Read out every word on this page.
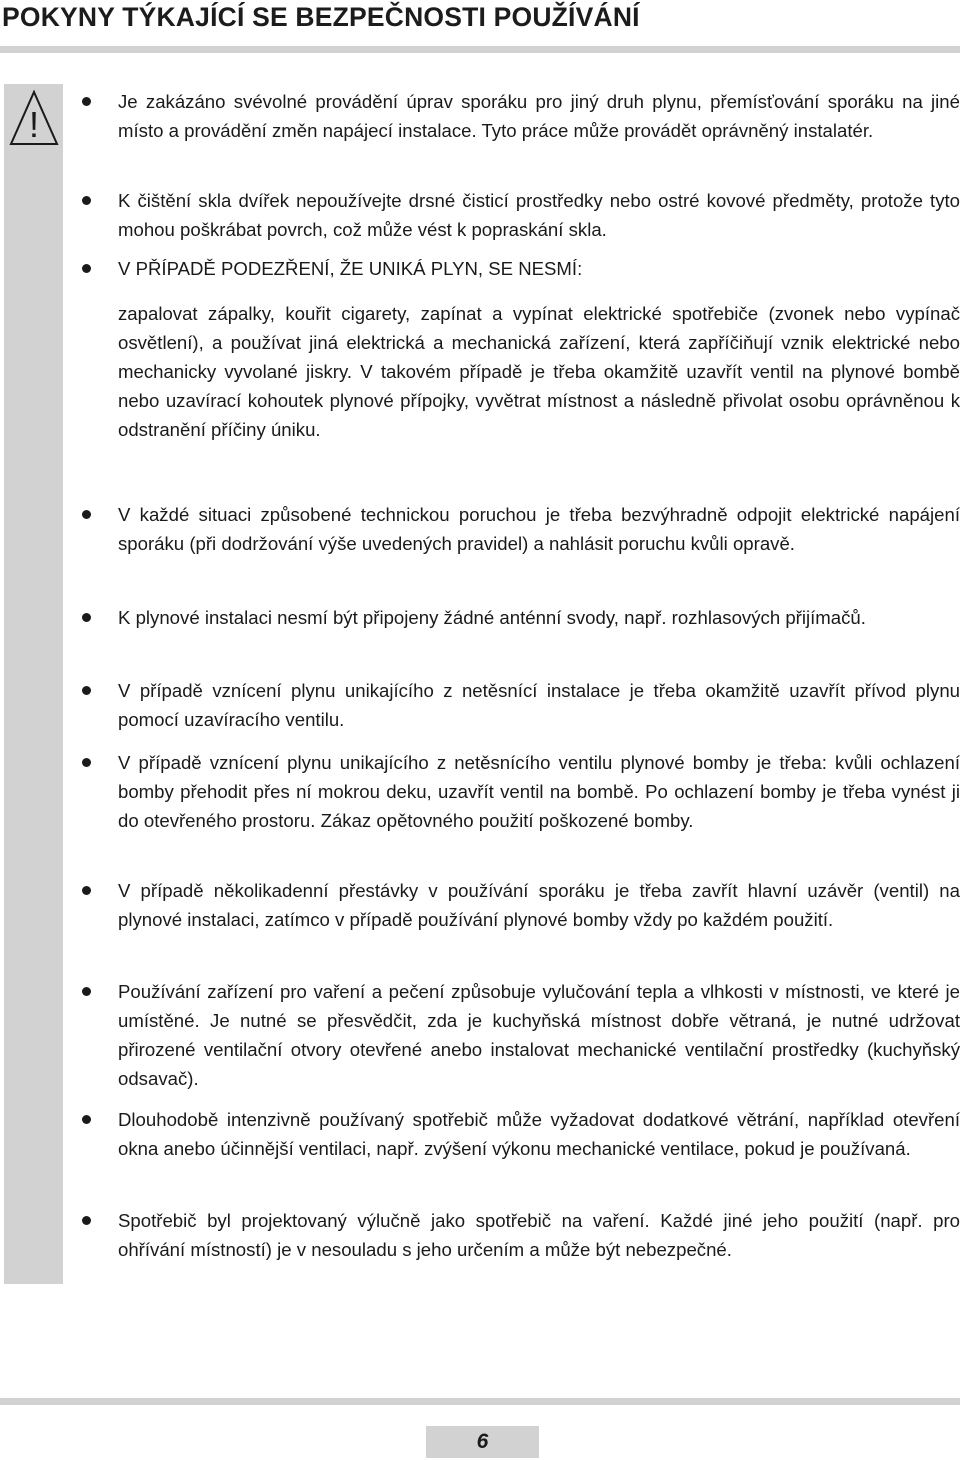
POKYNY TÝKAJÍCÍ SE BEZPEČNOSTI POUŽÍVÁNÍ
!

Je zakázáno svévolné provádění úprav sporáku pro jiný druh plynu, přemísťování sporáku na jiné místo a provádění změn napájecí instalace. Tyto práce může provádět oprávněný instalatér.

K čištění skla dvířek nepoužívejte drsné čisticí prostředky nebo ostré kovové předměty, protože tyto mohou poškrábat povrch, což může vést k popraskání skla.

V PŘÍPADĚ PODEZŘENÍ, ŽE UNIKÁ PLYN, SE NESMÍ:

zapalovat zápalky, kouřit cigarety, zapínat a vypínat elektrické spotřebiče (zvonek nebo vypínač osvětlení), a používat jiná elektrická a mechanická zařízení, která zapříčiňují vznik elektrické nebo mechanicky vyvolané jiskry. V takovém případě je třeba okamžitě uzavřít ventil na plynové bombě nebo uzavírací kohoutek plynové přípojky, vyvětrat místnost a následně přivolat osobu oprávněnou k odstranění příčiny úniku.

V každé situaci způsobené technickou poruchou je třeba bezvýhradně odpojit elektrické napájení sporáku (při dodržování výše uvedených pravidel) a nahlásit poruchu kvůli opravě.

K plynové instalaci nesmí být připojeny žádné anténní svody, např. rozhlasových přijímačů.

V případě vznícení plynu unikajícího z netěsnící instalace je třeba okamžitě uzavřít přívod plynu pomocí uzavíracího ventilu.

V případě vznícení plynu unikajícího z netěsnícího ventilu plynové bomby je třeba: kvůli ochlazení bomby přehodit přes ní mokrou deku, uzavřít ventil na bombě. Po ochlazení bomby je třeba vynést ji do otevřeného prostoru. Zákaz opětovného použití poškozené bomby.

V případě několikadenní přestávky v používání sporáku je třeba zavřít hlavní uzávěr (ventil) na plynové instalaci, zatímco v případě používání plynové bomby vždy po každém použití.

Používání zařízení pro vaření a pečení způsobuje vylučování tepla a vlhkosti v místnosti, ve které je umístěné. Je nutné se přesvědčit, zda je kuchyňská místnost dobře větraná, je nutné udržovat přirozené ventilační otvory otevřené anebo instalovat mechanické ventilační prostředky (kuchyňský odsavač).

Dlouhodobě intenzivně používaný spotřebič může vyžadovat dodatkové větrání, například otevření okna anebo účinnější ventilaci, např. zvýšení výkonu mechanické ventilace, pokud je používaná.

Spotřebič byl projektovaný výlučně jako spotřebič na vaření. Každé jiné jeho použití (např. pro ohřívání místností) je v nesouladu s jeho určením a může být nebezpečné.

6
